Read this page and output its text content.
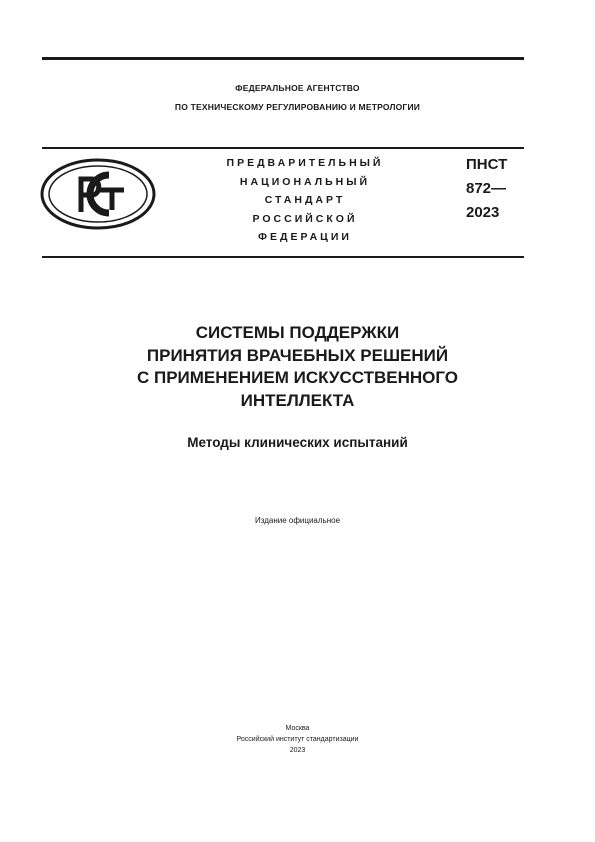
ФЕДЕРАЛЬНОЕ АГЕНТСТВО
ПО ТЕХНИЧЕСКОМУ РЕГУЛИРОВАНИЮ И МЕТРОЛОГИИ
ПРЕДВАРИТЕЛЬНЫЙ
НАЦИОНАЛЬНЫЙ
СТАНДАРТ
РОССИЙСКОЙ
ФЕДЕРАЦИИ
ПНСТ
872—
2023
СИСТЕМЫ ПОДДЕРЖКИ
ПРИНЯТИЯ ВРАЧЕБНЫХ РЕШЕНИЙ
С ПРИМЕНЕНИЕМ ИСКУССТВЕННОГО
ИНТЕЛЛЕКТА
Методы клинических испытаний
Издание официальное
Москва
Российский институт стандартизации
2023
